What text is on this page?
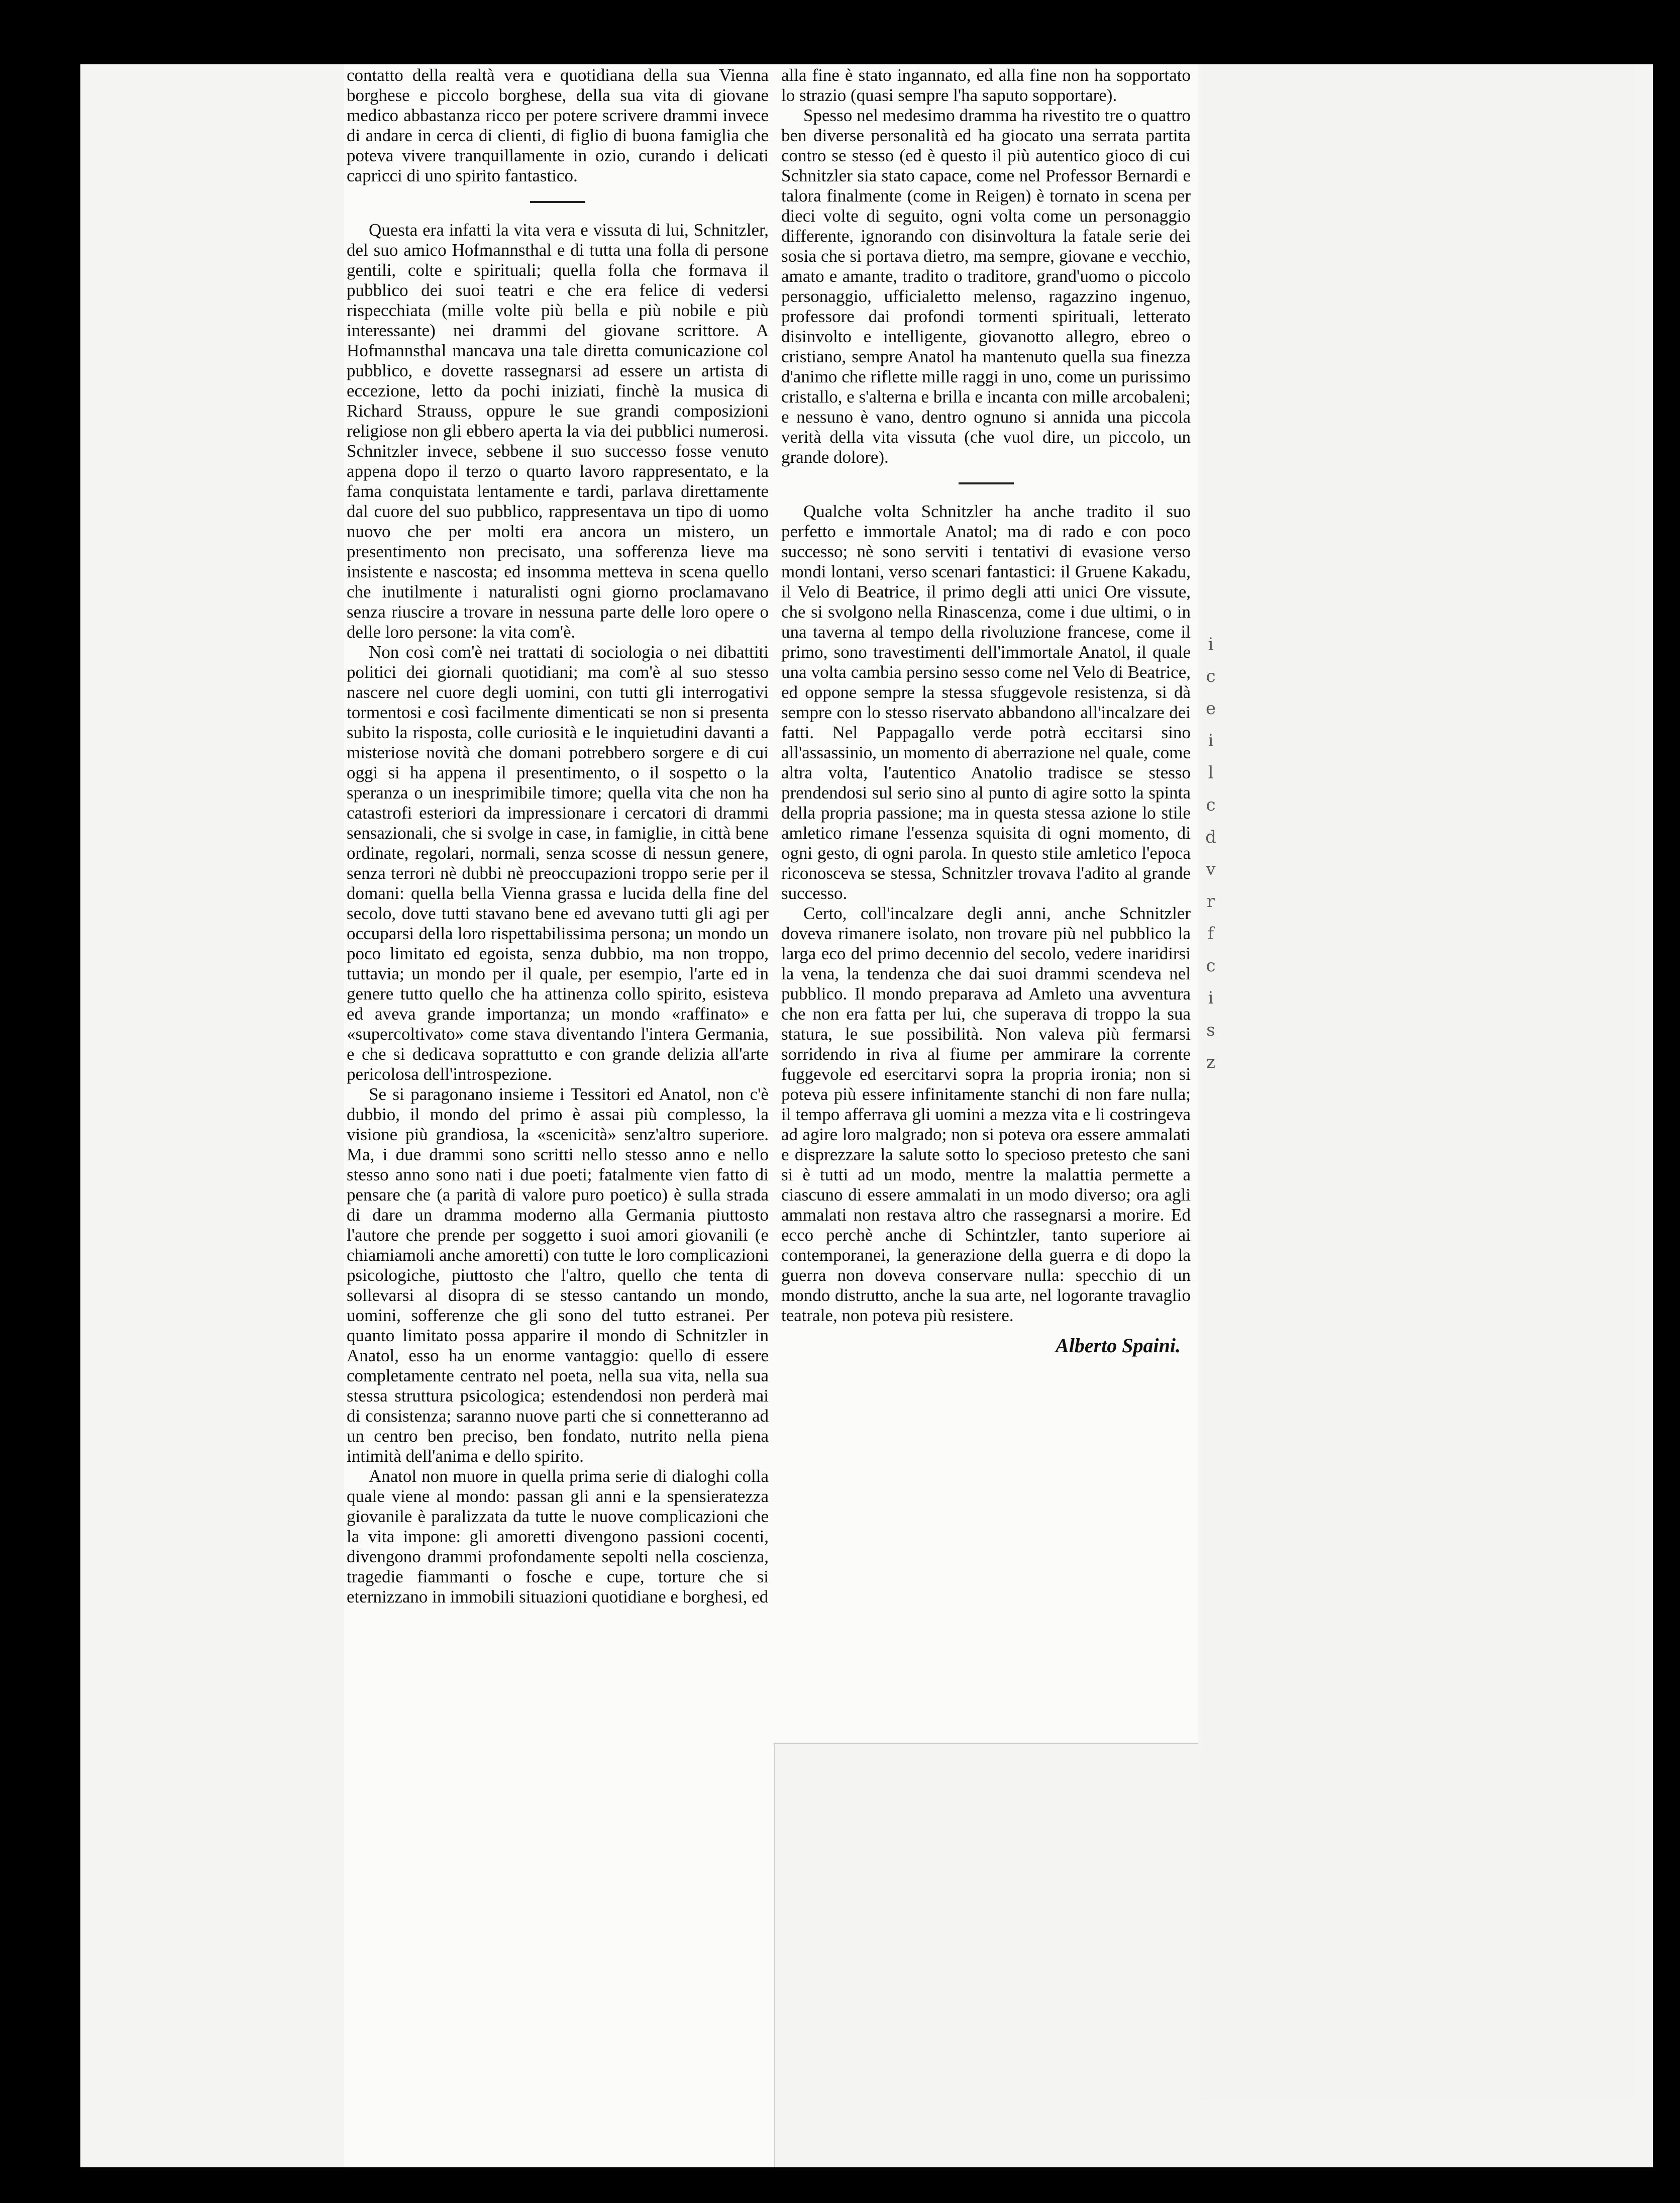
contatto della realtà vera e quotidiana della sua Vienna borghese e piccolo borghese, della sua vita di giovane medico abbastanza ricco per potere scrivere drammi invece di andare in cerca di clienti, di figlio di buona famiglia che poteva vivere tranquillamente in ozio, curando i delicati capricci di uno spirito fantastico.

Questa era infatti la vita vera e vissuta di lui, Schnitzler, del suo amico Hofmannsthal e di tutta una folla di persone gentili, colte e spirituali; quella folla che formava il pubblico dei suoi teatri e che era felice di vedersi rispecchiata (mille volte più bella e più nobile e più interessante) nei drammi del giovane scrittore. A Hofmannsthal mancava una tale diretta comunicazione col pubblico, e dovette rassegnarsi ad essere un artista di eccezione, letto da pochi iniziati, finchè la musica di Richard Strauss, oppure le sue grandi composizioni religiose non gli ebbero aperta la via dei pubblici numerosi. Schnitzler invece, sebbene il suo successo fosse venuto appena dopo il terzo o quarto lavoro rappresentato, e la fama conquistata lentamente e tardi, parlava direttamente dal cuore del suo pubblico, rappresentava un tipo di uomo nuovo che per molti era ancora un mistero, un presentimento non precisato, una sofferenza lieve ma insistente e nascosta; ed insomma metteva in scena quello che inutilmente i naturalisti ogni giorno proclamavano senza riuscire a trovare in nessuna parte delle loro opere o delle loro persone: la vita com'è.

Non così com'è nei trattati di sociologia o nei dibattiti politici dei giornali quotidiani; ma com'è al suo stesso nascere nel cuore degli uomini, con tutti gli interrogativi tormentosi e così facilmente dimenticati se non si presenta subito la risposta, colle curiosità e le inquietudini davanti a misteriose novità che domani potrebbero sorgere e di cui oggi si ha appena il presentimento, o il sospetto o la speranza o un inesprimibile timore; quella vita che non ha catastrofi esteriori da impressionare i cercatori di drammi sensazionali, che si svolge in case, in famiglie, in città bene ordinate, regolari, normali, senza scosse di nessun genere, senza terrori nè dubbi nè preoccupazioni troppo serie per il domani: quella bella Vienna grassa e lucida della fine del secolo, dove tutti stavano bene ed avevano tutti gli agi per occuparsi della loro rispettabilissima persona; un mondo un poco limitato ed egoista, senza dubbio, ma non troppo, tuttavia; un mondo per il quale, per esempio, l'arte ed in genere tutto quello che ha attinenza collo spirito, esisteva ed aveva grande importanza; un mondo «raffinato» e «supercoltivato» come stava diventando l'intera Germania, e che si dedicava soprattutto e con grande delizia all'arte pericolosa dell'introspezione.

Se si paragonano insieme i Tessitori ed Anatol, non c'è dubbio, il mondo del primo è assai più complesso, la visione più grandiosa, la «scenicità» senz'altro superiore. Ma, i due drammi sono scritti nello stesso anno e nello stesso anno sono nati i due poeti; fatalmente vien fatto di pensare che (a parità di valore puro poetico) è sulla strada di dare un dramma moderno alla Germania piuttosto l'autore che prende per soggetto i suoi amori giovanili (e chiamiamoli anche amoretti) con tutte le loro complicazioni psicologiche, piuttosto che l'altro, quello che tenta di sollevarsi al disopra di se stesso cantando un mondo, uomini, sofferenze che gli sono del tutto estranei. Per quanto limitato possa apparire il mondo di Schnitzler in Anatol, esso ha un enorme vantaggio: quello di essere completamente centrato nel poeta, nella sua vita, nella sua stessa struttura psicologica; estendendosi non perderà mai di consistenza; saranno nuove parti che si connetteranno ad un centro ben preciso, ben fondato, nutrito nella piena intimità dell'anima e dello spirito.

Anatol non muore in quella prima serie di dialoghi colla quale viene al mondo: passan gli anni e la spensieratezza giovanile è paralizzata da tutte le nuove complicazioni che la vita impone: gli amoretti divengono passioni cocenti, divengono drammi profondamente sepolti nella coscienza, tragedie fiammanti o fosche e cupe, torture che si eternizzano in immobili situazioni quotidiane e borghesi, ed

alla fine è stato ingannato, ed alla fine non ha sopportato lo strazio (quasi sempre l'ha saputo sopportare).

Spesso nel medesimo dramma ha rivestito tre o quattro ben diverse personalità ed ha giocato una serrata partita contro se stesso (ed è questo il più autentico gioco di cui Schnitzler sia stato capace, come nel Professor Bernardi e talora finalmente (come in Reigen) è tornato in scena per dieci volte di seguito, ogni volta come un personaggio differente, ignorando con disinvoltura la fatale serie dei sosia che si portava dietro, ma sempre, giovane e vecchio, amato e amante, tradito o traditore, grand'uomo o piccolo personaggio, ufficialetto melenso, ragazzino ingenuo, professore dai profondi tormenti spirituali, letterato disinvolto e intelligente, giovanotto allegro, ebreo o cristiano, sempre Anatol ha mantenuto quella sua finezza d'animo che riflette mille raggi in uno, come un purissimo cristallo, e s'alterna e brilla e incanta con mille arcobaleni; e nessuno è vano, dentro ognuno si annida una piccola verità della vita vissuta (che vuol dire, un piccolo, un grande dolore).

Qualche volta Schnitzler ha anche tradito il suo perfetto e immortale Anatol; ma di rado e con poco successo; nè sono serviti i tentativi di evasione verso mondi lontani, verso scenari fantastici: il Gruene Kakadu, il Velo di Beatrice, il primo degli atti unici Ore vissute, che si svolgono nella Rinascenza, come i due ultimi, o in una taverna al tempo della rivoluzione francese, come il primo, sono travestimenti dell'immortale Anatol, il quale una volta cambia persino sesso come nel Velo di Beatrice, ed oppone sempre la stessa sfuggevole resistenza, si dà sempre con lo stesso riservato abbandono all'incalzare dei fatti. Nel Pappagallo verde potrà eccitarsi sino all'assassinio, un momento di aberrazione nel quale, come altra volta, l'autentico Anatolio tradisce se stesso prendendosi sul serio sino al punto di agire sotto la spinta della propria passione; ma in questa stessa azione lo stile amletico rimane l'essenza squisita di ogni momento, di ogni gesto, di ogni parola. In questo stile amletico l'epoca riconosceva se stessa, Schnitzler trovava l'adito al grande successo.

Certo, coll'incalzare degli anni, anche Schnitzler doveva rimanere isolato, non trovare più nel pubblico la larga eco del primo decennio del secolo, vedere inaridirsi la vena, la tendenza che dai suoi drammi scendeva nel pubblico. Il mondo preparava ad Amleto una avventura che non era fatta per lui, che superava di troppo la sua statura, le sue possibilità. Non valeva più fermarsi sorridendo in riva al fiume per ammirare la corrente fuggevole ed esercitarvi sopra la propria ironia; non si poteva più essere infinitamente stanchi di non fare nulla; il tempo afferrava gli uomini a mezza vita e li costringeva ad agire loro malgrado; non si poteva ora essere ammalati e disprezzare la salute sotto lo specioso pretesto che sani si è tutti ad un modo, mentre la malattia permette a ciascuno di essere ammalati in un modo diverso; ora agli ammalati non restava altro che rassegnarsi a morire. Ed ecco perchè anche di Schintzler, tanto superiore ai contemporanei, la generazione della guerra e di dopo la guerra non doveva conservare nulla: specchio di un mondo distrutto, anche la sua arte, nel logorante travaglio teatrale, non poteva più resistere.

Alberto Spaini.
i
c
e
i
l
c
d
v
r
f
c
i
s
z
